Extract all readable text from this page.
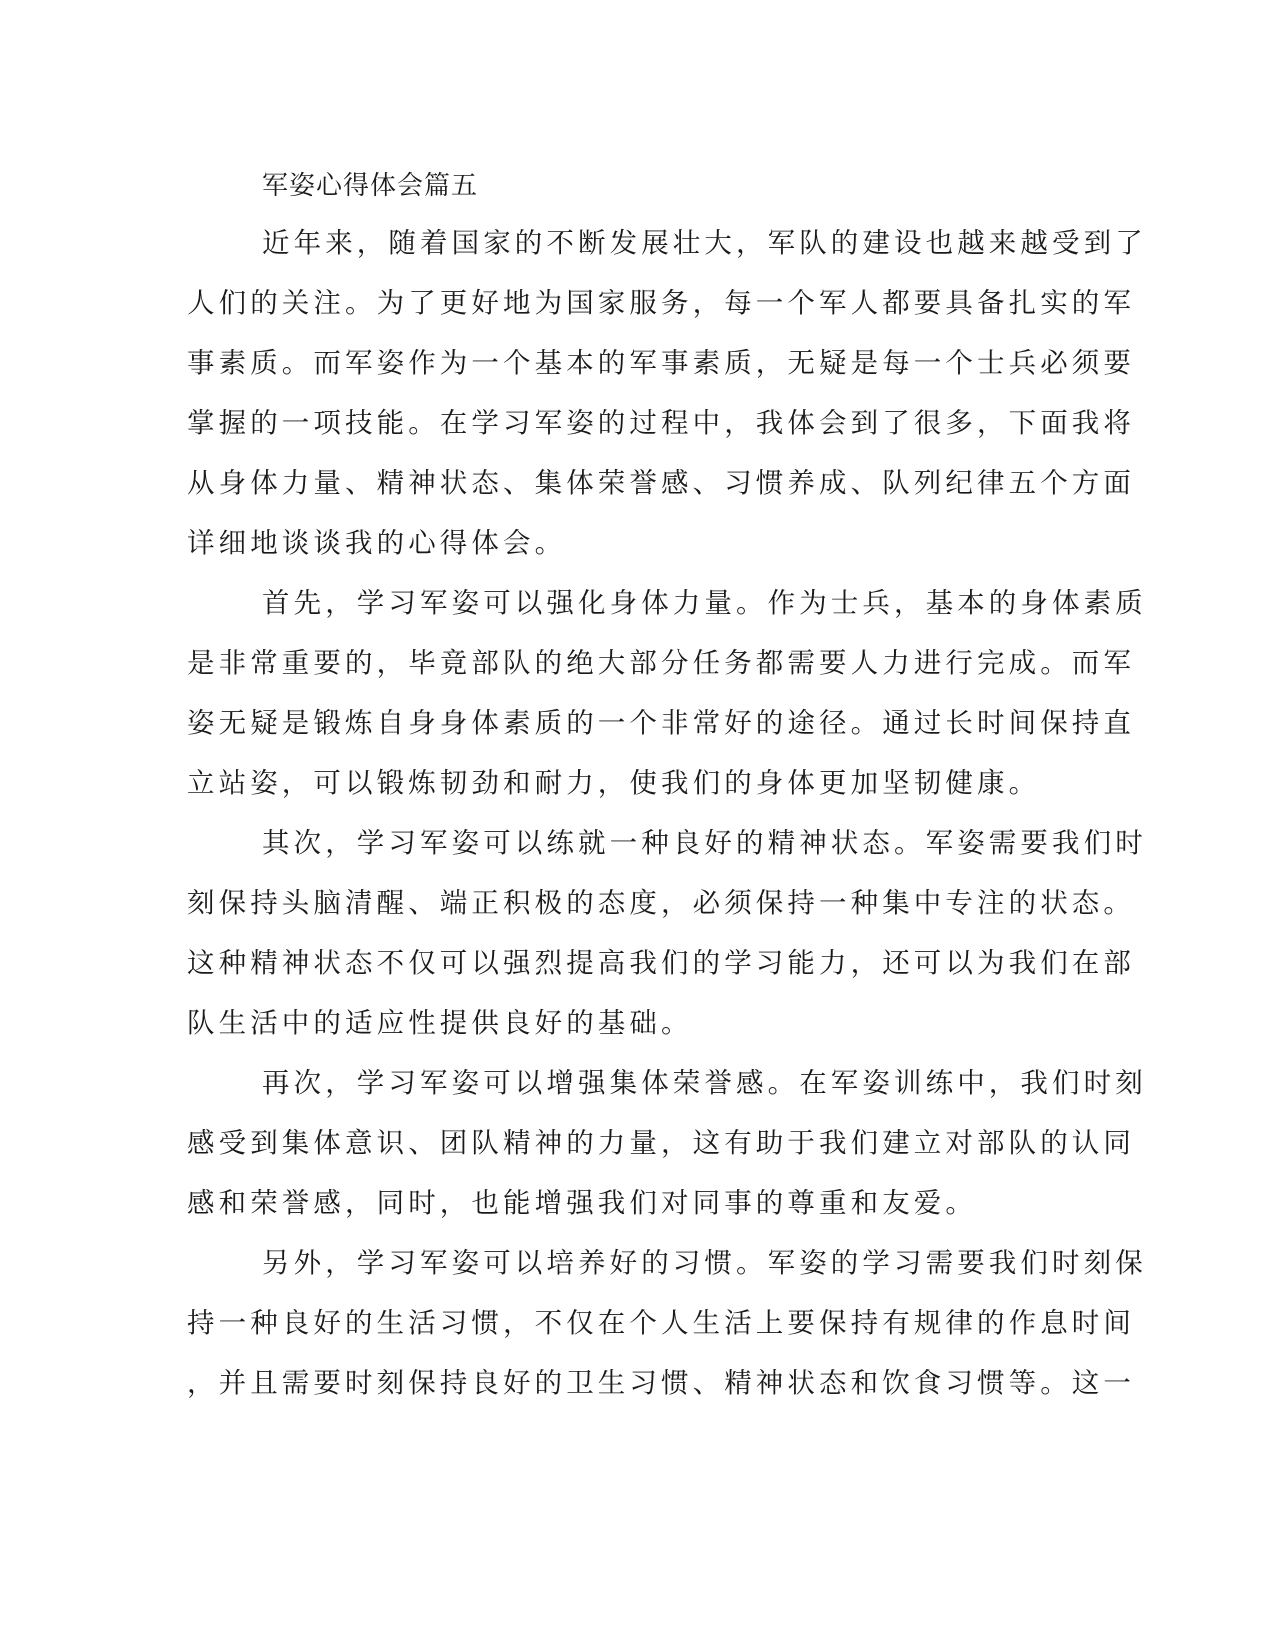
军姿心得体会篇五
近年来，随着国家的不断发展壮大，军队的建设也越来越受到了
人们的关注。为了更好地为国家服务，每一个军人都要具备扎实的军
事素质。而军姿作为一个基本的军事素质，无疑是每一个士兵必须要
掌握的一项技能。在学习军姿的过程中，我体会到了很多，下面我将
从身体力量、精神状态、集体荣誉感、习惯养成、队列纪律五个方面
详细地谈谈我的心得体会。
首先，学习军姿可以强化身体力量。作为士兵，基本的身体素质
是非常重要的，毕竟部队的绝大部分任务都需要人力进行完成。而军
姿无疑是锻炼自身身体素质的一个非常好的途径。通过长时间保持直
立站姿，可以锻炼韧劲和耐力，使我们的身体更加坚韧健康。
其次，学习军姿可以练就一种良好的精神状态。军姿需要我们时
刻保持头脑清醒、端正积极的态度，必须保持一种集中专注的状态。
这种精神状态不仅可以强烈提高我们的学习能力，还可以为我们在部
队生活中的适应性提供良好的基础。
再次，学习军姿可以增强集体荣誉感。在军姿训练中，我们时刻
感受到集体意识、团队精神的力量，这有助于我们建立对部队的认同
感和荣誉感，同时，也能增强我们对同事的尊重和友爱。
另外，学习军姿可以培养好的习惯。军姿的学习需要我们时刻保
持一种良好的生活习惯，不仅在个人生活上要保持有规律的作息时间
，并且需要时刻保持良好的卫生习惯、精神状态和饮食习惯等。这一
